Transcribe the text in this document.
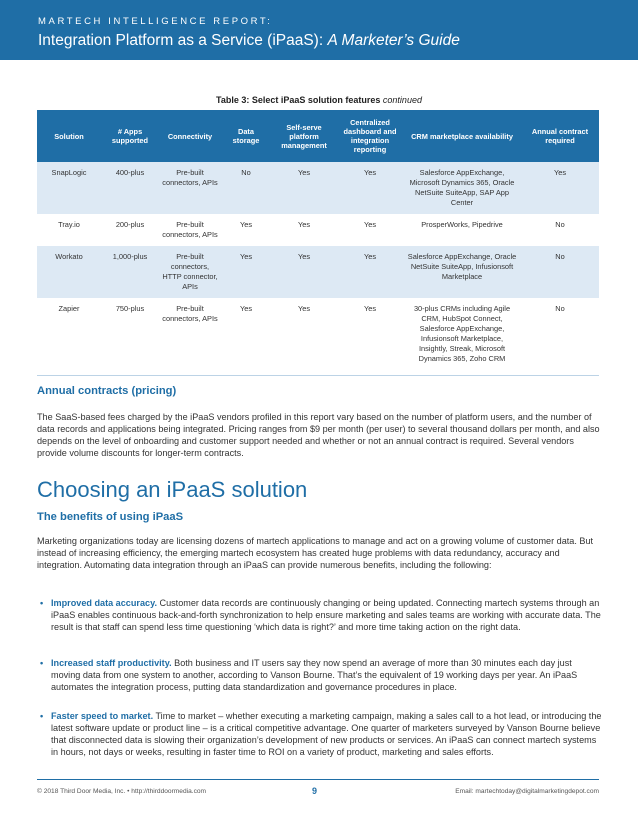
MARTECH INTELLIGENCE REPORT:
Integration Platform as a Service (iPaaS): A Marketer’s Guide
Table 3: Select iPaaS solution features continued
Solution	# Apps supported	Connectivity	Data storage	Self-serve platform management	Centralized dashboard and integration reporting	CRM marketplace availability	Annual contract required
SnapLogic	400-plus	Pre-built connectors, APIs	No	Yes	Yes	Salesforce AppExchange, Microsoft Dynamics 365, Oracle NetSuite SuiteApp, SAP App Center	Yes
Tray.io	200-plus	Pre-built connectors, APIs	Yes	Yes	Yes	ProsperWorks, Pipedrive	No
Workato	1,000-plus	Pre-built connectors, HTTP connector, APIs	Yes	Yes	Yes	Salesforce AppExchange, Oracle NetSuite SuiteApp, Infusionsoft Marketplace	No
Zapier	750-plus	Pre-built connectors, APIs	Yes	Yes	Yes	30-plus CRMs including Agile CRM, HubSpot Connect, Salesforce AppExchange, Infusionsoft Marketplace, Insightly, Streak, Microsoft Dynamics 365, Zoho CRM	No
Annual contracts (pricing)
The SaaS-based fees charged by the iPaaS vendors profiled in this report vary based on the number of platform users, and the number of data records and applications being integrated. Pricing ranges from $9 per month (per user) to several thousand dollars per month, and also depends on the level of onboarding and customer support needed and whether or not an annual contract is required. Several vendors provide volume discounts for longer-term contracts.
Choosing an iPaaS solution
The benefits of using iPaaS
Marketing organizations today are licensing dozens of martech applications to manage and act on a growing volume of customer data. But instead of increasing efficiency, the emerging martech ecosystem has created huge problems with data redundancy, accuracy and integration. Automating data integration through an iPaaS can provide numerous benefits, including the following:
• Improved data accuracy. Customer data records are continuously changing or being updated. Connecting martech systems through an iPaaS enables continuous back-and-forth synchronization to help ensure marketing and sales teams are working with accurate data. The result is that staff can spend less time questioning ‘which data is right?’ and more time taking action on the right data.
• Increased staff productivity. Both business and IT users say they now spend an average of more than 30 minutes each day just moving data from one system to another, according to Vanson Bourne. That’s the equivalent of 19 working days per year. An iPaaS automates the integration process, putting data standardization and governance procedures in place.
• Faster speed to market. Time to market – whether executing a marketing campaign, making a sales call to a hot lead, or introducing the latest software update or product line – is a critical competitive advantage. One quarter of marketers surveyed by Vanson Bourne believe that disconnected data is slowing their organization’s development of new products or services. An iPaaS can connect martech systems in hours, not days or weeks, resulting in faster time to ROI on a variety of product, marketing and sales efforts.
© 2018 Third Door Media, Inc. • http://thirddoormedia.com	9	Email: martechtoday@digitalmarketingdepot.com
